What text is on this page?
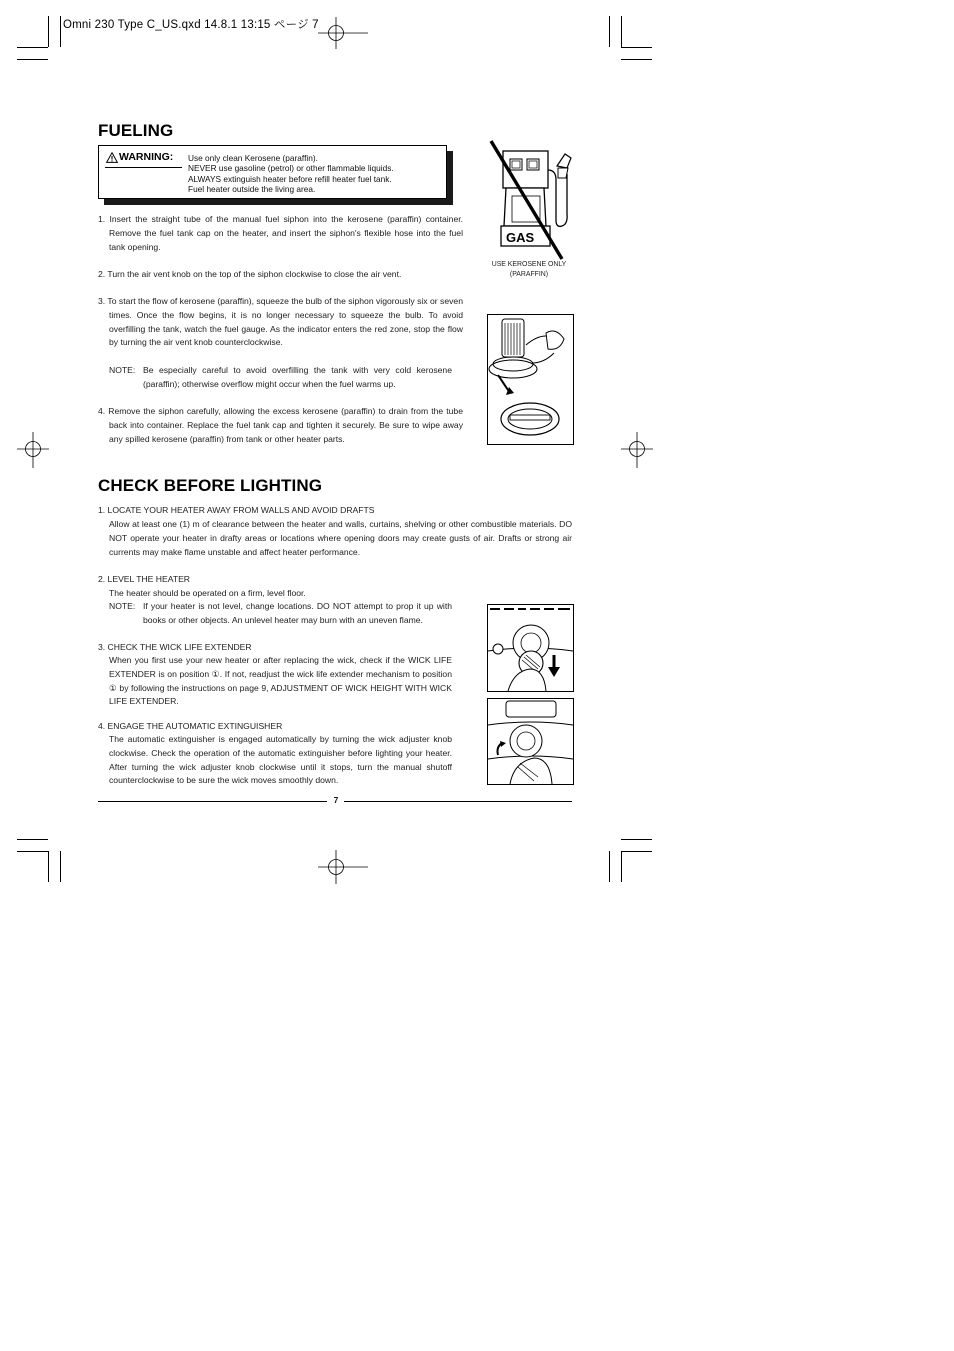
Omni 230 Type C_US.qxd 14.8.1 13:15 ページ 7
FUELING
WARNING: Use only clean Kerosene (paraffin).
NEVER use gasoline (petrol) or other flammable liquids.
ALWAYS extinguish heater before refill heater fuel tank.
Fuel heater outside the living area.
1. Insert the straight tube of the manual fuel siphon into the kerosene (paraffin) container. Remove the fuel tank cap on the heater, and insert the siphon's flexible hose into the fuel tank opening.
2. Turn the air vent knob on the top of the siphon clockwise to close the air vent.
3. To start the flow of kerosene (paraffin), squeeze the bulb of the siphon vigorously six or seven times. Once the flow begins, it is no longer necessary to squeeze the bulb. To avoid overfilling the tank, watch the fuel gauge. As the indicator enters the red zone, stop the flow by turning the air vent knob counterclockwise.
NOTE: Be especially careful to avoid overfilling the tank with very cold kerosene (paraffin); otherwise overflow might occur when the fuel warms up.
4. Remove the siphon carefully, allowing the excess kerosene (paraffin) to drain from the tube back into container. Replace the fuel tank cap and tighten it securely. Be sure to wipe away any spilled kerosene (paraffin) from tank or other heater parts.
GAS
USE KEROSENE ONLY
(PARAFFIN)
CHECK BEFORE LIGHTING
1. LOCATE YOUR HEATER AWAY FROM WALLS AND AVOID DRAFTS
Allow at least one (1) m of clearance between the heater and walls, curtains, shelving or other combustible materials. DO NOT operate your heater in drafty areas or locations where opening doors may create gusts of air. Drafts or strong air currents may make flame unstable and affect heater performance.
2. LEVEL THE HEATER
The heater should be operated on a firm, level floor.
NOTE: If your heater is not level, change locations. DO NOT attempt to prop it up with books or other objects. An unlevel heater may burn with an uneven flame.
3. CHECK THE WICK LIFE EXTENDER
When you first use your new heater or after replacing the wick, check if the WICK LIFE EXTENDER is on position ①. If not, readjust the wick life extender mechanism to position ① by following the instructions on page 9, ADJUSTMENT OF WICK HEIGHT WITH WICK LIFE EXTENDER.
4. ENGAGE THE AUTOMATIC EXTINGUISHER
The automatic extinguisher is engaged automatically by turning the wick adjuster knob clockwise. Check the operation of the automatic extinguisher before lighting your heater. After turning the wick adjuster knob clockwise until it stops, turn the manual shutoff counterclockwise to be sure the wick moves smoothly down.
7
